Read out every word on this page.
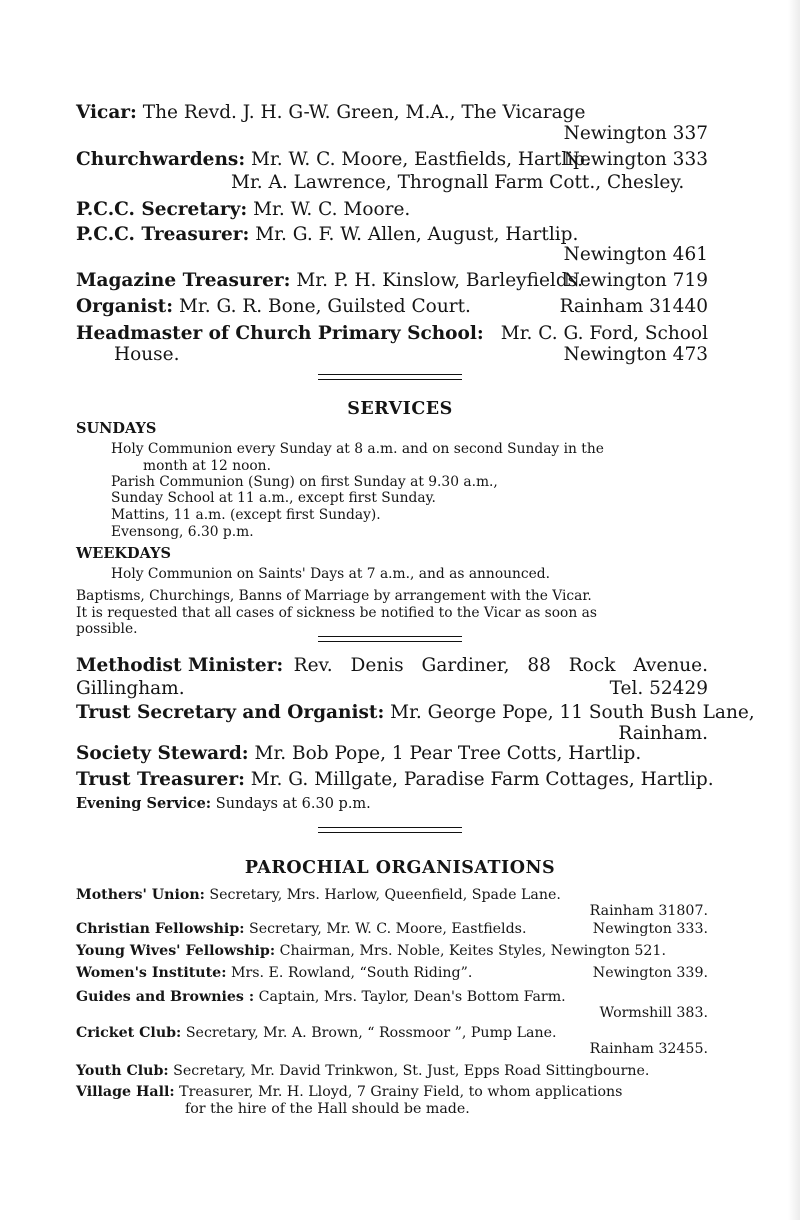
Vicar: The Revd. J. H. G-W. Green, M.A., The Vicarage
Newington 337
Churchwardens: Mr. W. C. Moore, Eastfields, Hartlip.
Newington 333
Mr. A. Lawrence, Thrognall Farm Cott., Chesley.
P.C.C. Secretary: Mr. W. C. Moore.
P.C.C. Treasurer: Mr. G. F. W. Allen, August, Hartlip.
Newington 461
Magazine Treasurer: Mr. P. H. Kinslow, Barleyfields.
Newington 719
Organist: Mr. G. R. Bone, Guilsted Court.	Rainham 31440
Headmaster of Church Primary School: Mr. C. G. Ford, School
House.	Newington 473
SERVICES
SUNDAYS
Holy Communion every Sunday at 8 a.m. and on second Sunday in the
month at 12 noon.
Parish Communion (Sung) on first Sunday at 9.30 a.m.,
Sunday School at 11 a.m., except first Sunday.
Mattins, 11 a.m. (except first Sunday).
Evensong, 6.30 p.m.
WEEKDAYS
Holy Communion on Saints' Days at 7 a.m., and as announced.
Baptisms, Churchings, Banns of Marriage by arrangement with the Vicar.
It is requested that all cases of sickness be notified to the Vicar as soon as
possible.
Methodist Minister: Rev. Denis Gardiner, 88 Rock Avenue.
Gillingham.	Tel. 52429
Trust Secretary and Organist: Mr. George Pope, 11 South Bush Lane,
Rainham.
Society Steward: Mr. Bob Pope, 1 Pear Tree Cotts, Hartlip.
Trust Treasurer: Mr. G. Millgate, Paradise Farm Cottages, Hartlip.
Evening Service: Sundays at 6.30 p.m.
PAROCHIAL ORGANISATIONS
Mothers' Union: Secretary, Mrs. Harlow, Queenfield, Spade Lane.
Rainham 31807.
Christian Fellowship: Secretary, Mr. W. C. Moore, Eastfields.	Newington 333.
Young Wives' Fellowship: Chairman, Mrs. Noble, Keites Styles, Newington 521.
Women's Institute: Mrs. E. Rowland, “South Riding”.	Newington 339.
Guides and Brownies : Captain, Mrs. Taylor, Dean's Bottom Farm.
Wormshill 383.
Cricket Club: Secretary, Mr. A. Brown, “ Rossmoor ”, Pump Lane.
Rainham 32455.
Youth Club: Secretary, Mr. David Trinkwon, St. Just, Epps Road Sittingbourne.
Village Hall: Treasurer, Mr. H. Lloyd, 7 Grainy Field, to whom applications
for the hire of the Hall should be made.
